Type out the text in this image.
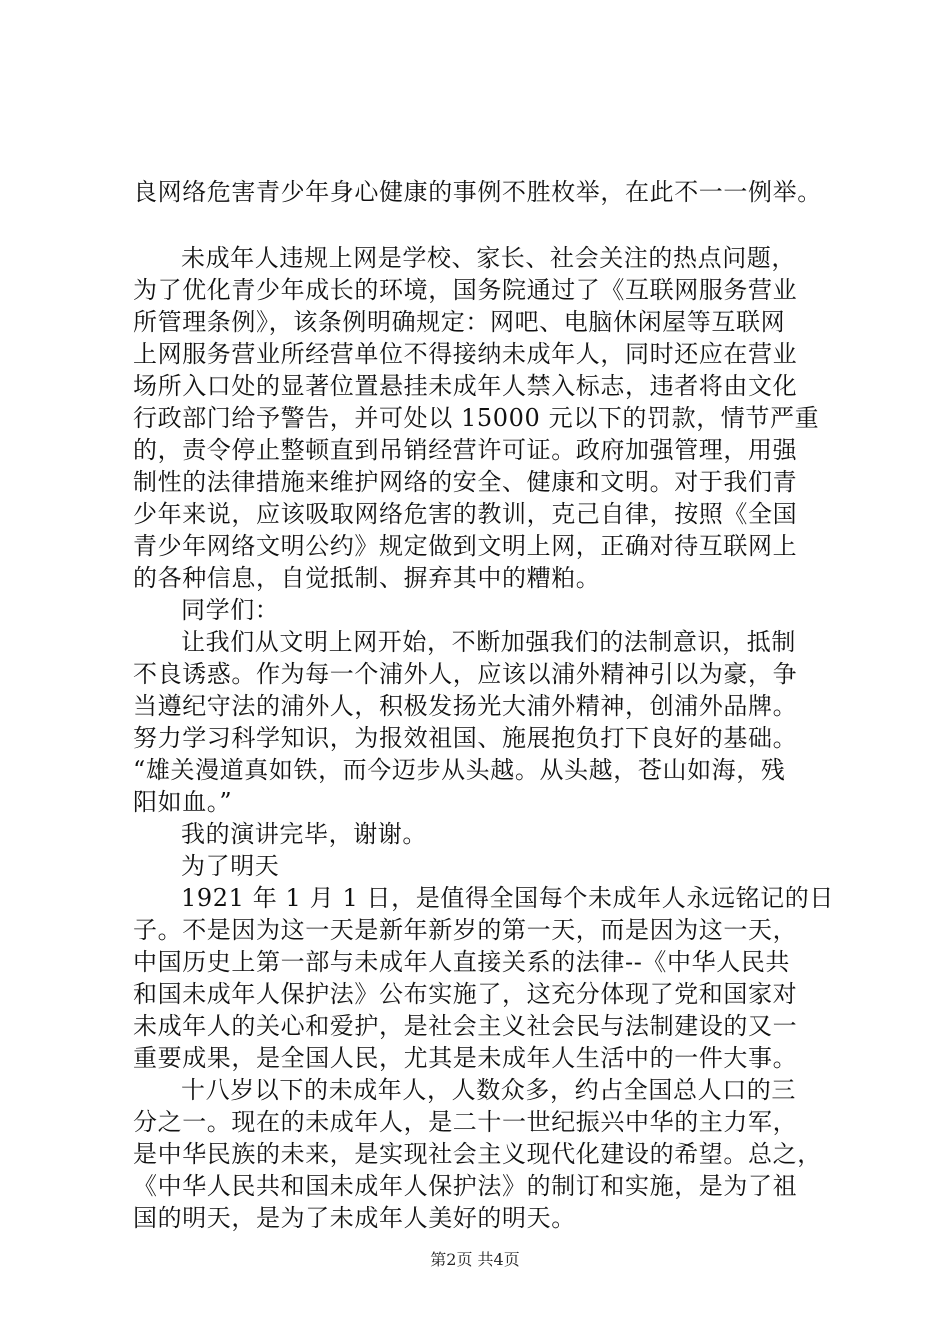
良网络危害青少年身心健康的事例不胜枚举，在此不一一例举。
未成年人违规上网是学校、家长、社会关注的热点问题，
为了优化青少年成长的环境，国务院通过了《互联网服务营业
所管理条例》，该条例明确规定：网吧、电脑休闲屋等互联网
上网服务营业所经营单位不得接纳未成年人，同时还应在营业
场所入口处的显著位置悬挂未成年人禁入标志，违者将由文化
行政部门给予警告，并可处以 15000 元以下的罚款，情节严重
的，责令停止整顿直到吊销经营许可证。政府加强管理，用强
制性的法律措施来维护网络的安全、健康和文明。对于我们青
少年来说，应该吸取网络危害的教训，克己自律，按照《全国
青少年网络文明公约》规定做到文明上网，正确对待互联网上
的各种信息，自觉抵制、摒弃其中的糟粕。
同学们：
让我们从文明上网开始，不断加强我们的法制意识，抵制
不良诱惑。作为每一个浦外人，应该以浦外精神引以为豪，争
当遵纪守法的浦外人，积极发扬光大浦外精神，创浦外品牌。
努力学习科学知识，为报效祖国、施展抱负打下良好的基础。
“雄关漫道真如铁，而今迈步从头越。从头越，苍山如海，残
阳如血。”
我的演讲完毕，谢谢。
为了明天
1921 年 1 月 1 日，是值得全国每个未成年人永远铭记的日
子。不是因为这一天是新年新岁的第一天，而是因为这一天，
中国历史上第一部与未成年人直接关系的法律--《中华人民共
和国未成年人保护法》公布实施了，这充分体现了党和国家对
未成年人的关心和爱护，是社会主义社会民与法制建设的又一
重要成果，是全国人民，尤其是未成年人生活中的一件大事。
十八岁以下的未成年人，人数众多，约占全国总人口的三
分之一。现在的未成年人，是二十一世纪振兴中华的主力军，
是中华民族的未来，是实现社会主义现代化建设的希望。总之，
《中华人民共和国未成年人保护法》的制订和实施，是为了祖
国的明天，是为了未成年人美好的明天。
第2页 共4页
